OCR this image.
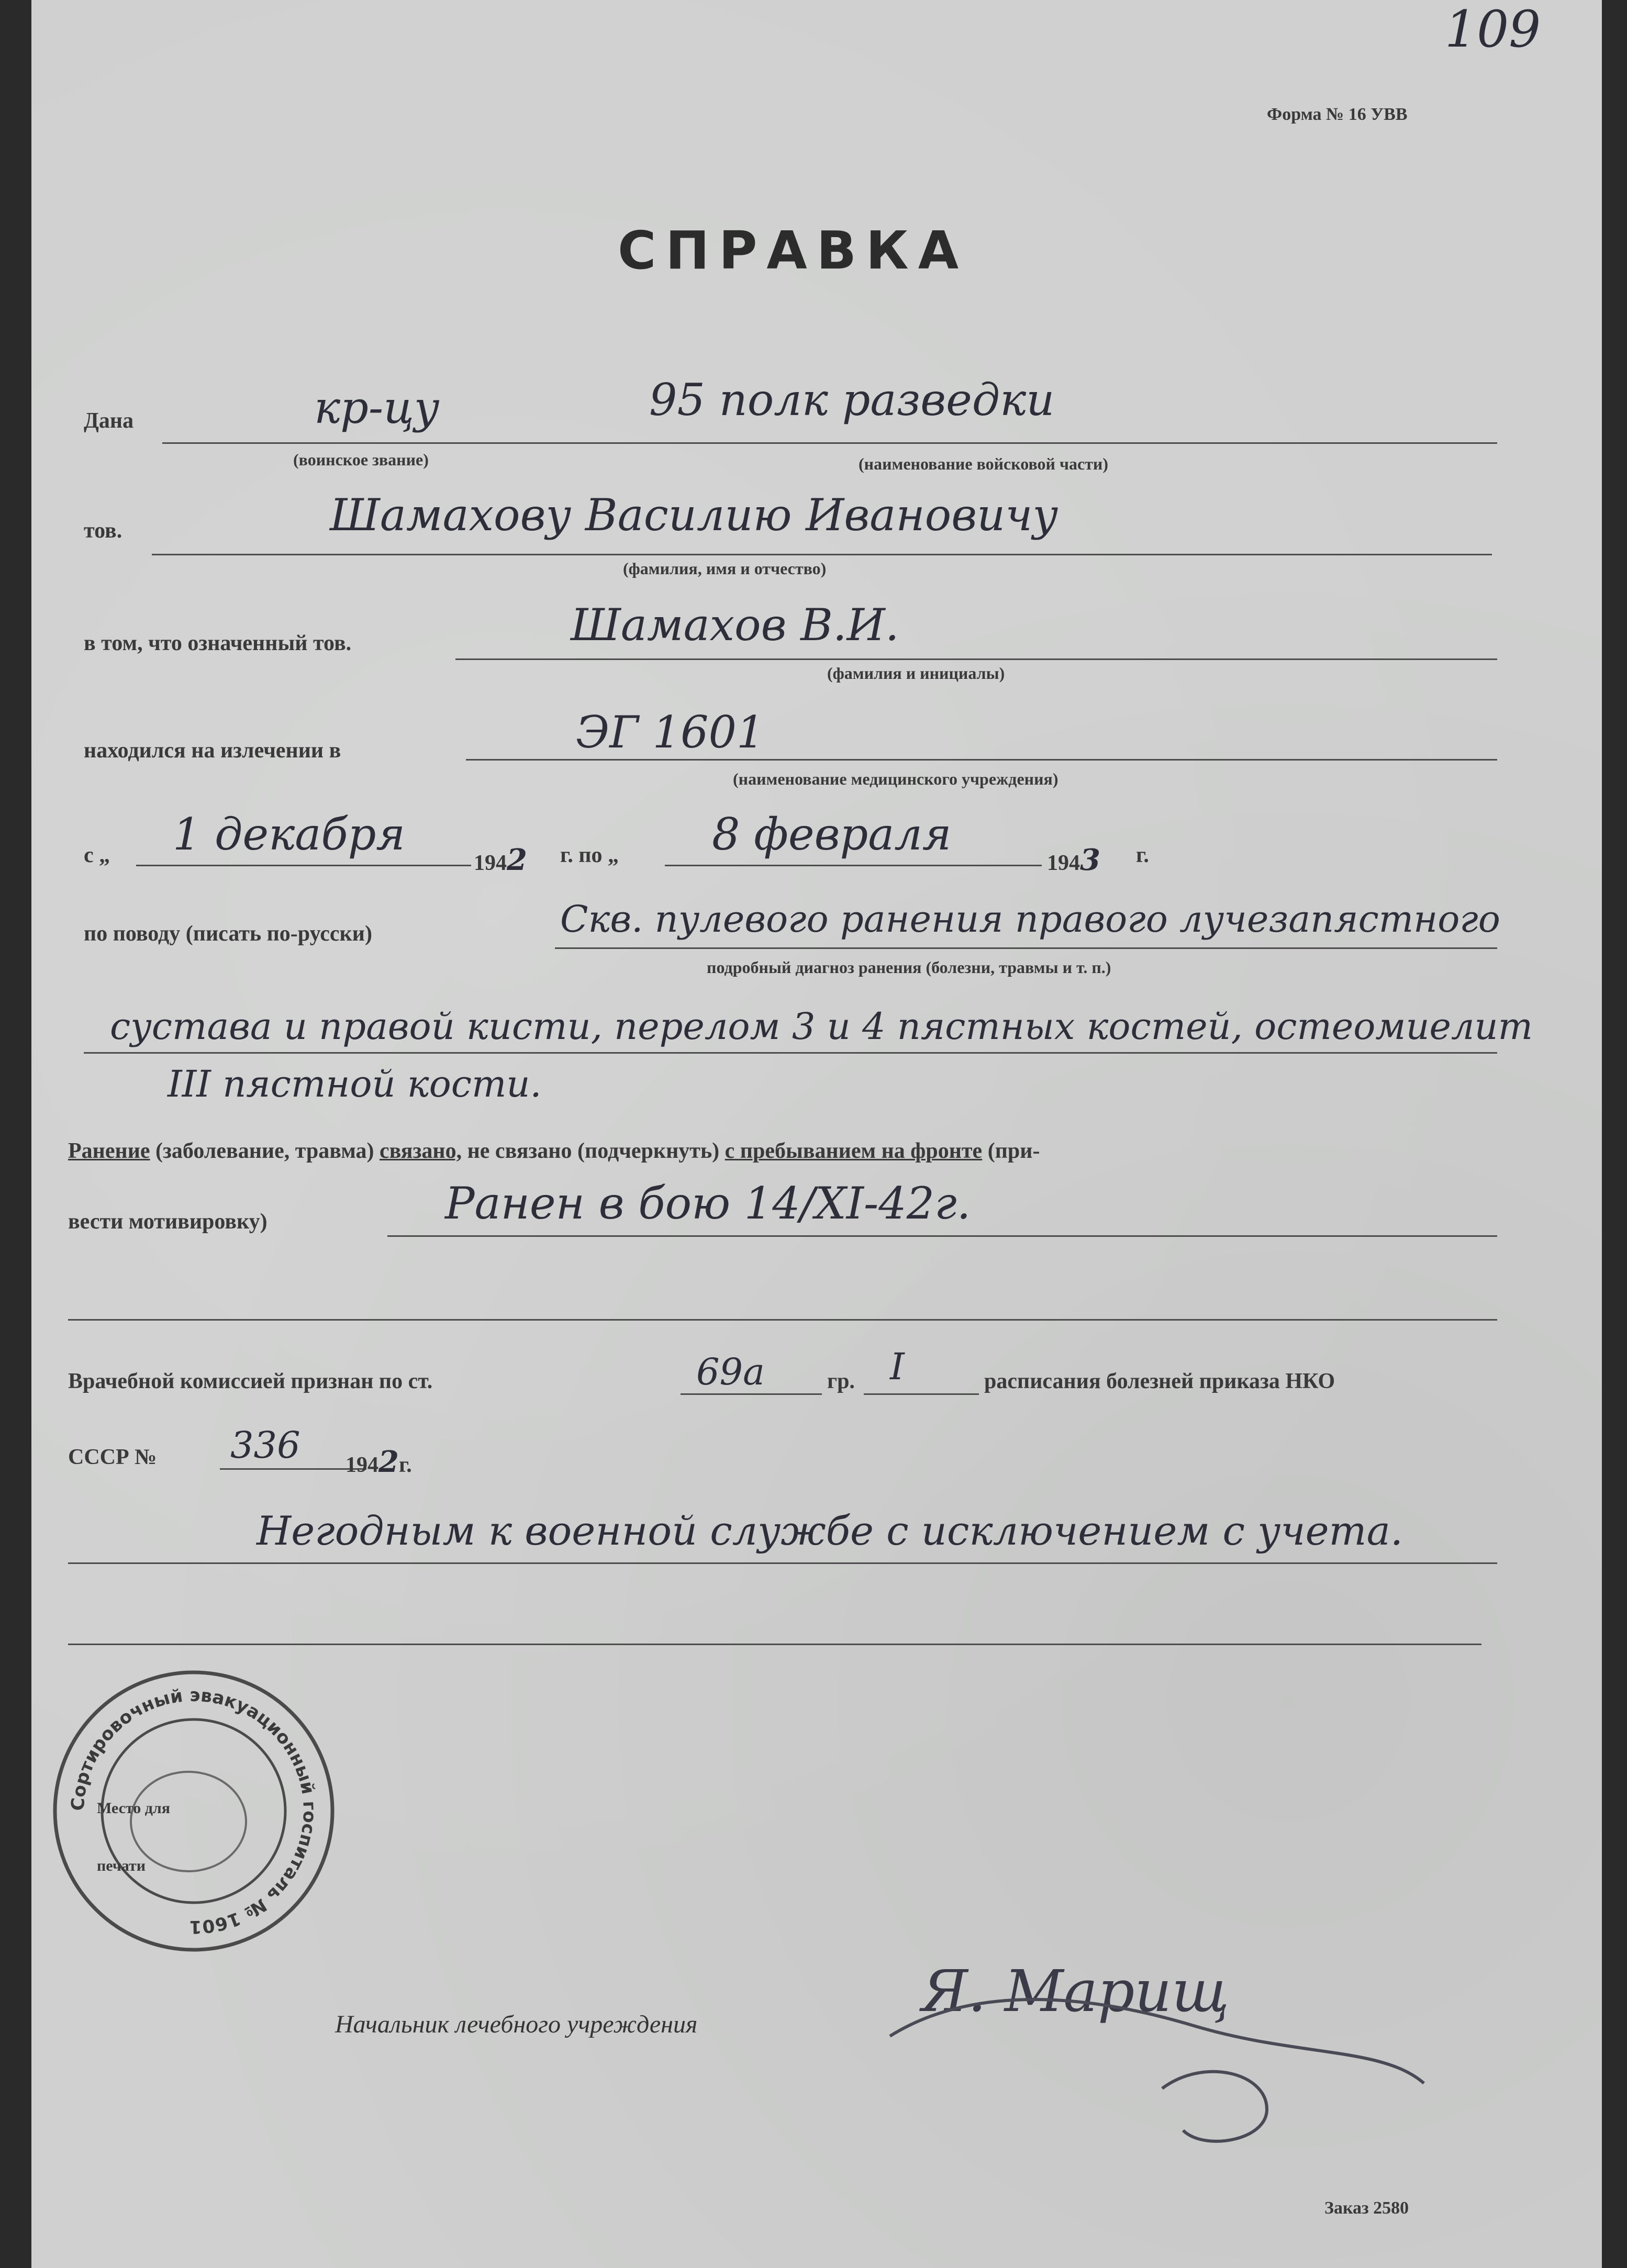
109
Форма № 16 УВВ
СПРАВКА
Дана	кр-цу	95 полк разведки
(воинское звание)	(наименование войсковой части)
тов.	Шамахову Василию Ивановичу
(фамилия, имя и отчество)
в том, что означенный тов.	Шамахов В.И.
(фамилия и инициалы)
находился на излечении в	ЭГ 1601
(наименование медицинского учреждения)
с „ 1 декабря
1942 г. по „ 8 февраля
1943 г.
по поводу (писать по-русски)	Скв. пулевого ранения правого лучезапястного
подробный диагноз ранения (болезни, травмы и т. п.)
сустава и правой кисти, перелом 3 и 4 пястных костей, остеомиелит
III пястной кости.
Ранение (заболевание, травма) связано, не связано (подчеркнуть) с пребыванием на фронте (при-
вести мотивировку)	Ранен в бою 14/XI-42г.
Врачебной комиссией признан по ст.	69а	гр. I	расписания болезней приказа НКО
СССР № 336 1942г.
Негодным к военной службе с исключением с учета.
Сортировочный эвакуационный госпиталь № 1601
Место для печати
Начальник лечебного учреждения	Я. Марищ
Заказ 2580
